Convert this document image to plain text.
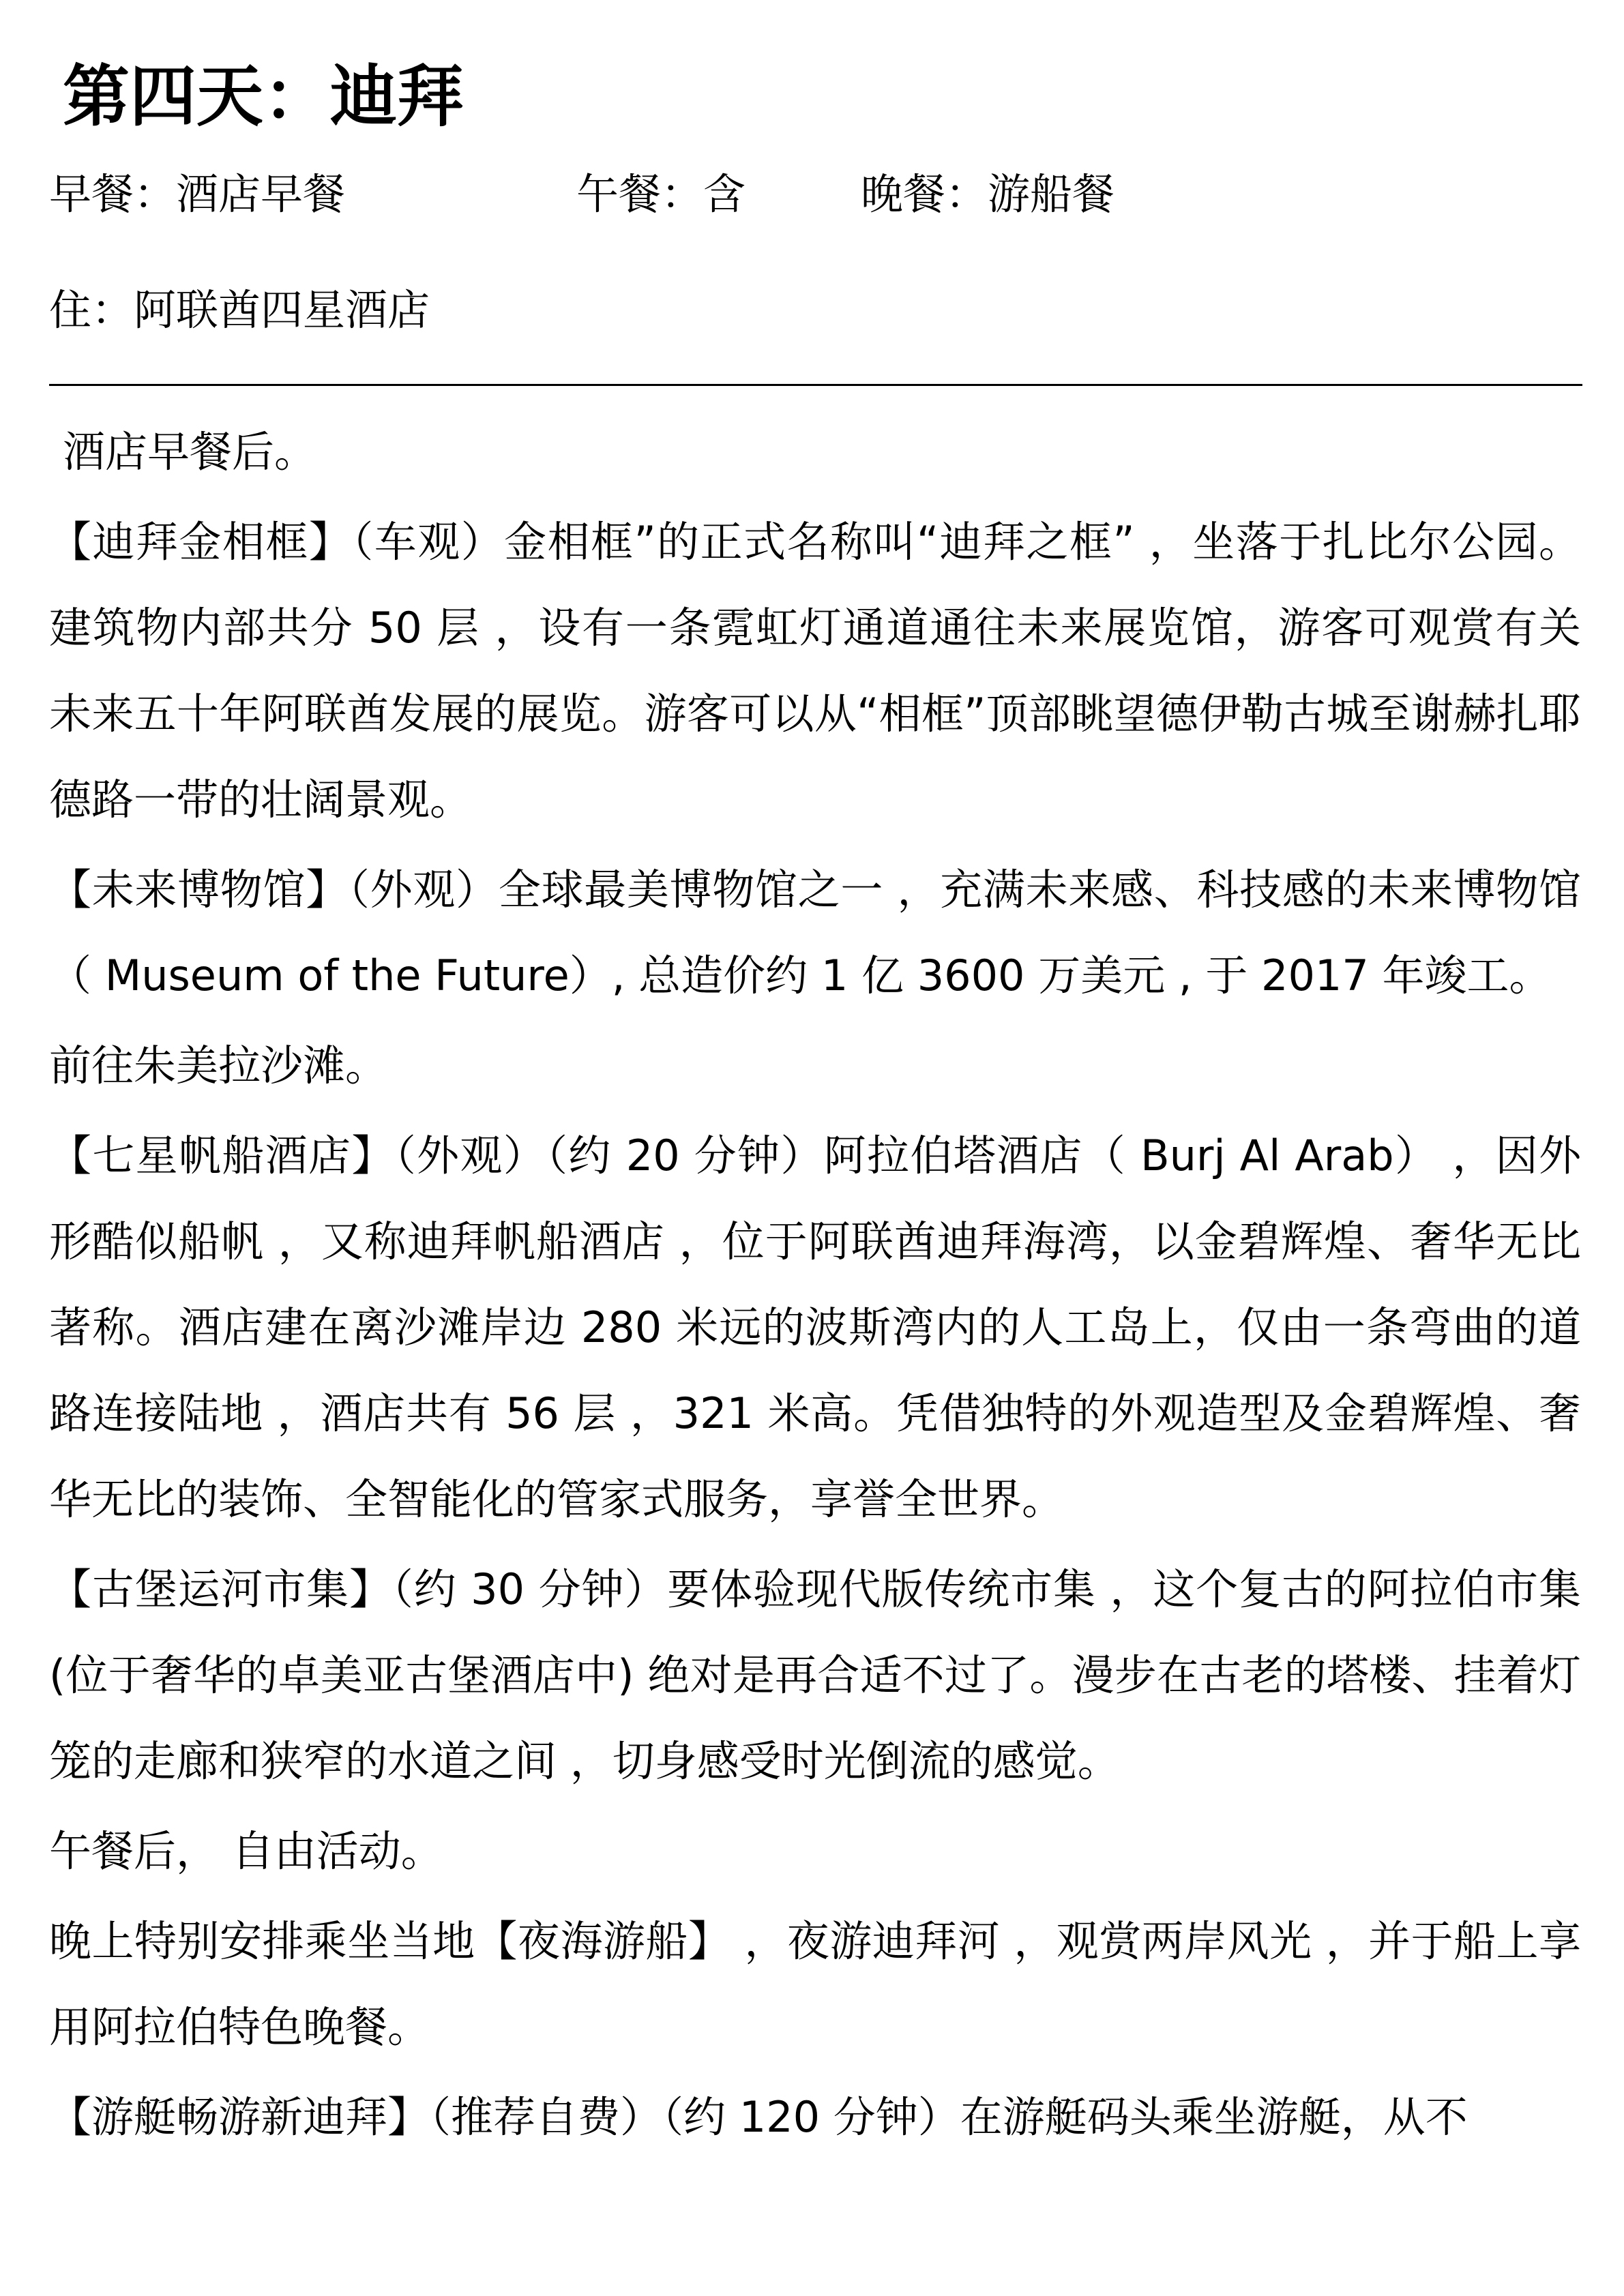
第四天：迪拜
早餐：酒店早餐	午餐：含	晚餐：游船餐
住：阿联酋四星酒店

酒店早餐后。

【迪拜金相框】（车观）金相框”的正式名称叫“迪拜之框” ，坐落于扎比尔公园。建筑物内部共分 50 层 ，设有一条霓虹灯通道通往未来展览馆，游客可观赏有关未来五十年阿联酋发展的展览。游客可以从“相框”顶部眺望德伊勒古城至谢赫扎耶德路一带的壮阔景观。

【未来博物馆】（外观）全球最美博物馆之一 ，充满未来感、科技感的未来博物馆（ Museum of the Future）, 总造价约 1 亿 3600 万美元 , 于 2017 年竣工。

前往朱美拉沙滩。

【七星帆船酒店】（外观）（约 20 分钟）阿拉伯塔酒店（ Burj Al Arab） ，因外形酷似船帆 ，又称迪拜帆船酒店 ，位于阿联酋迪拜海湾，以金碧辉煌、奢华无比著称。酒店建在离沙滩岸边 280 米远的波斯湾内的人工岛上，仅由一条弯曲的道路连接陆地 ，酒店共有 56 层 ，321 米高。凭借独特的外观造型及金碧辉煌、奢华无比的装饰、全智能化的管家式服务，享誉全世界。

【古堡运河市集】（约 30 分钟）要体验现代版传统市集 ，这个复古的阿拉伯市集 (位于奢华的卓美亚古堡酒店中) 绝对是再合适不过了。漫步在古老的塔楼、挂着灯笼的走廊和狭窄的水道之间 ，切身感受时光倒流的感觉。

午餐后， 自由活动。

晚上特别安排乘坐当地【夜海游船】 ，夜游迪拜河 ，观赏两岸风光 ，并于船上享用阿拉伯特色晚餐。

【游艇畅游新迪拜】（推荐自费）（约 120 分钟）在游艇码头乘坐游艇，从不
